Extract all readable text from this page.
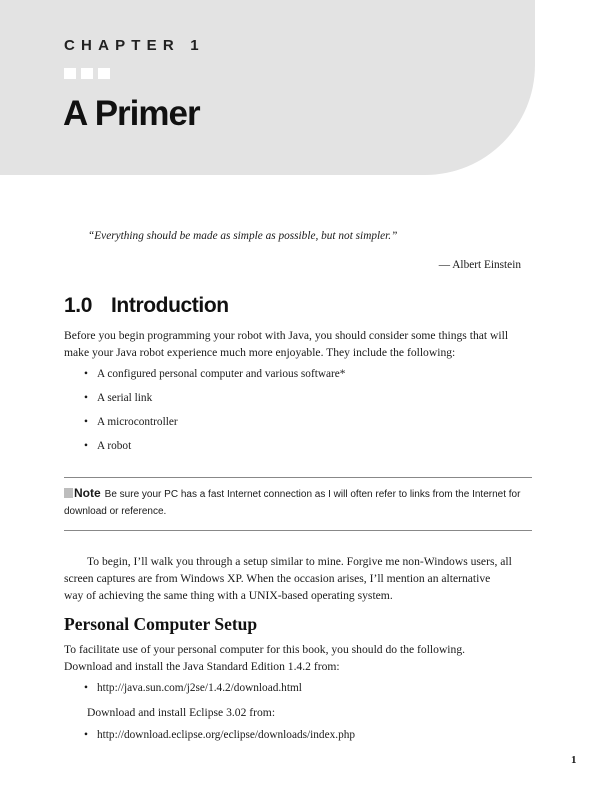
CHAPTER 1
A Primer

“Everything should be made as simple as possible, but not simpler.”

— Albert Einstein

1.0 Introduction

Before you begin programming your robot with Java, you should consider some things that will
make your Java robot experience much more enjoyable. They include the following:

• A configured personal computer and various software*
• A serial link
• A microcontroller
• A robot

Note Be sure your PC has a fast Internet connection as I will often refer to links from the Internet for
download or reference.

To begin, I’ll walk you through a setup similar to mine. Forgive me non-Windows users, all
screen captures are from Windows XP. When the occasion arises, I’ll mention an alternative
way of achieving the same thing with a UNIX-based operating system.

Personal Computer Setup

To facilitate use of your personal computer for this book, you should do the following.
Download and install the Java Standard Edition 1.4.2 from:

• http://java.sun.com/j2se/1.4.2/download.html

Download and install Eclipse 3.02 from:

• http://download.eclipse.org/eclipse/downloads/index.php
1
